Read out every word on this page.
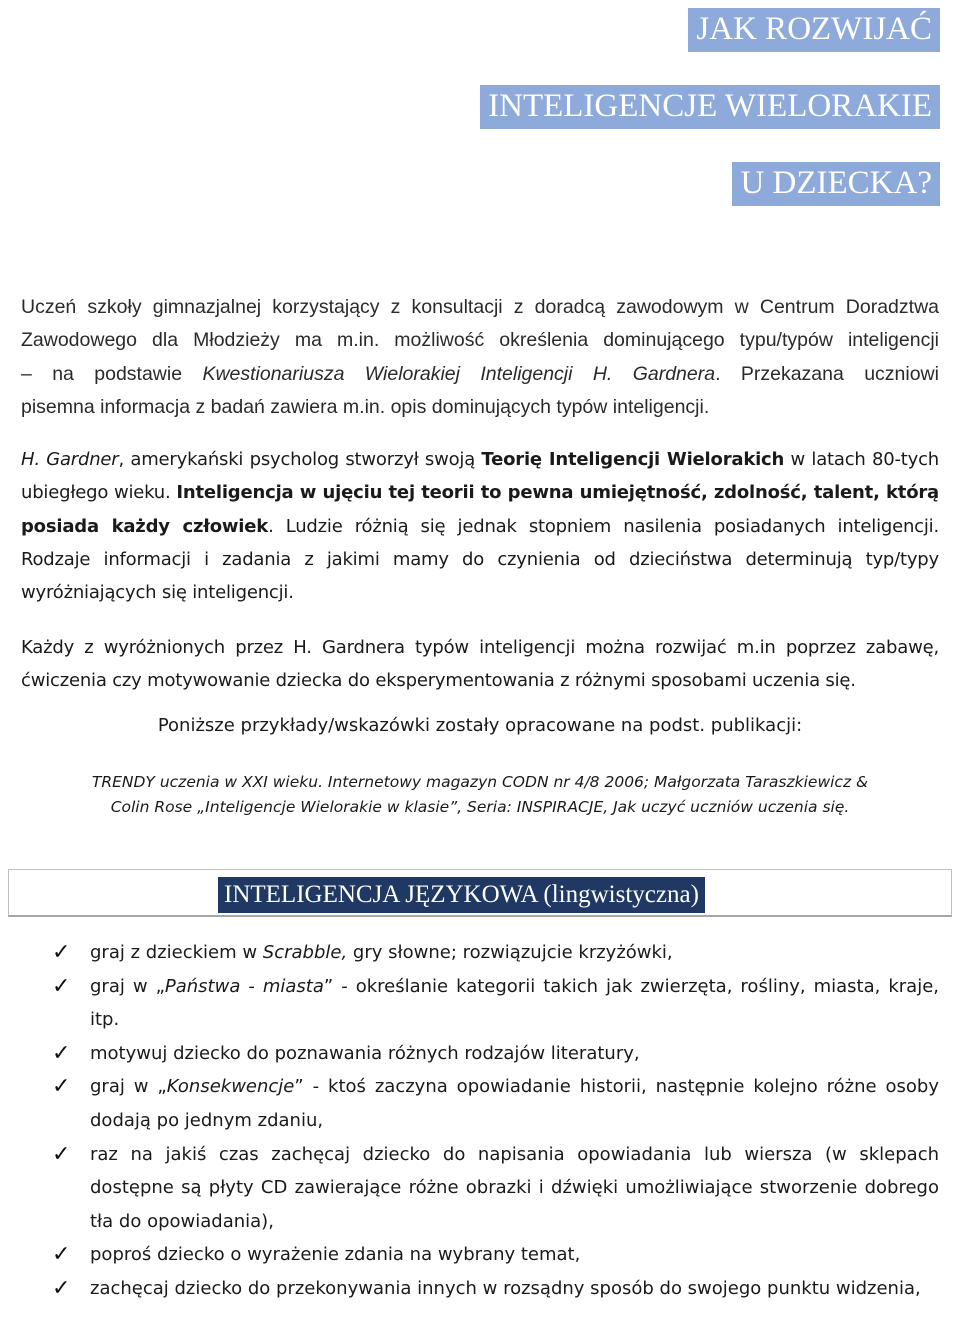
JAK ROZWIJAĆ
INTELIGENCJE WIELORAKIE
U DZIECKA?
Uczeń szkoły gimnazjalnej korzystający z konsultacji z doradcą zawodowym w Centrum Doradztwa
Zawodowego dla Młodzieży ma m.in. możliwość określenia dominującego typu/typów inteligencji
– na podstawie Kwestionariusza Wielorakiej Inteligencji H. Gardnera. Przekazana uczniowi
pisemna informacja z badań zawiera m.in. opis dominujących typów inteligencji.
H. Gardner, amerykański psycholog stworzył swoją Teorię Inteligencji Wielorakich w latach 80-tych ubiegłego wieku. Inteligencja w ujęciu tej teorii to pewna umiejętność, zdolność, talent, którą posiada każdy człowiek. Ludzie różnią się jednak stopniem nasilenia posiadanych inteligencji. Rodzaje informacji i zadania z jakimi mamy do czynienia od dzieciństwa determinują typ/typy wyróżniających się inteligencji.
Każdy z wyróżnionych przez H. Gardnera typów inteligencji można rozwijać m.in poprzez zabawę, ćwiczenia czy motywowanie dziecka do eksperymentowania z różnymi sposobami uczenia się.
Poniższe przykłady/wskazówki zostały opracowane na podst. publikacji:
TRENDY uczenia w XXI wieku. Internetowy magazyn CODN nr 4/8 2006; Małgorzata Taraszkiewicz &
Colin Rose „Inteligencje Wielorakie w klasie”, Seria: INSPIRACJE, Jak uczyć uczniów uczenia się.
INTELIGENCJA JĘZYKOWA (lingwistyczna)
✓ graj z dzieckiem w Scrabble, gry słowne; rozwiązujcie krzyżówki,
✓ graj w „Państwa - miasta” - określanie kategorii takich jak zwierzęta, rośliny, miasta, kraje, itp.
✓ motywuj dziecko do poznawania różnych rodzajów literatury,
✓ graj w „Konsekwencje” - ktoś zaczyna opowiadanie historii, następnie kolejno różne osoby dodają po jednym zdaniu,
✓ raz na jakiś czas zachęcaj dziecko do napisania opowiadania lub wiersza (w sklepach dostępne są płyty CD zawierające różne obrazki i dźwięki umożliwiające stworzenie dobrego tła do opowiadania),
✓ poproś dziecko o wyrażenie zdania na wybrany temat,
✓ zachęcaj dziecko do przekonywania innych w rozsądny sposób do swojego punktu widzenia,
